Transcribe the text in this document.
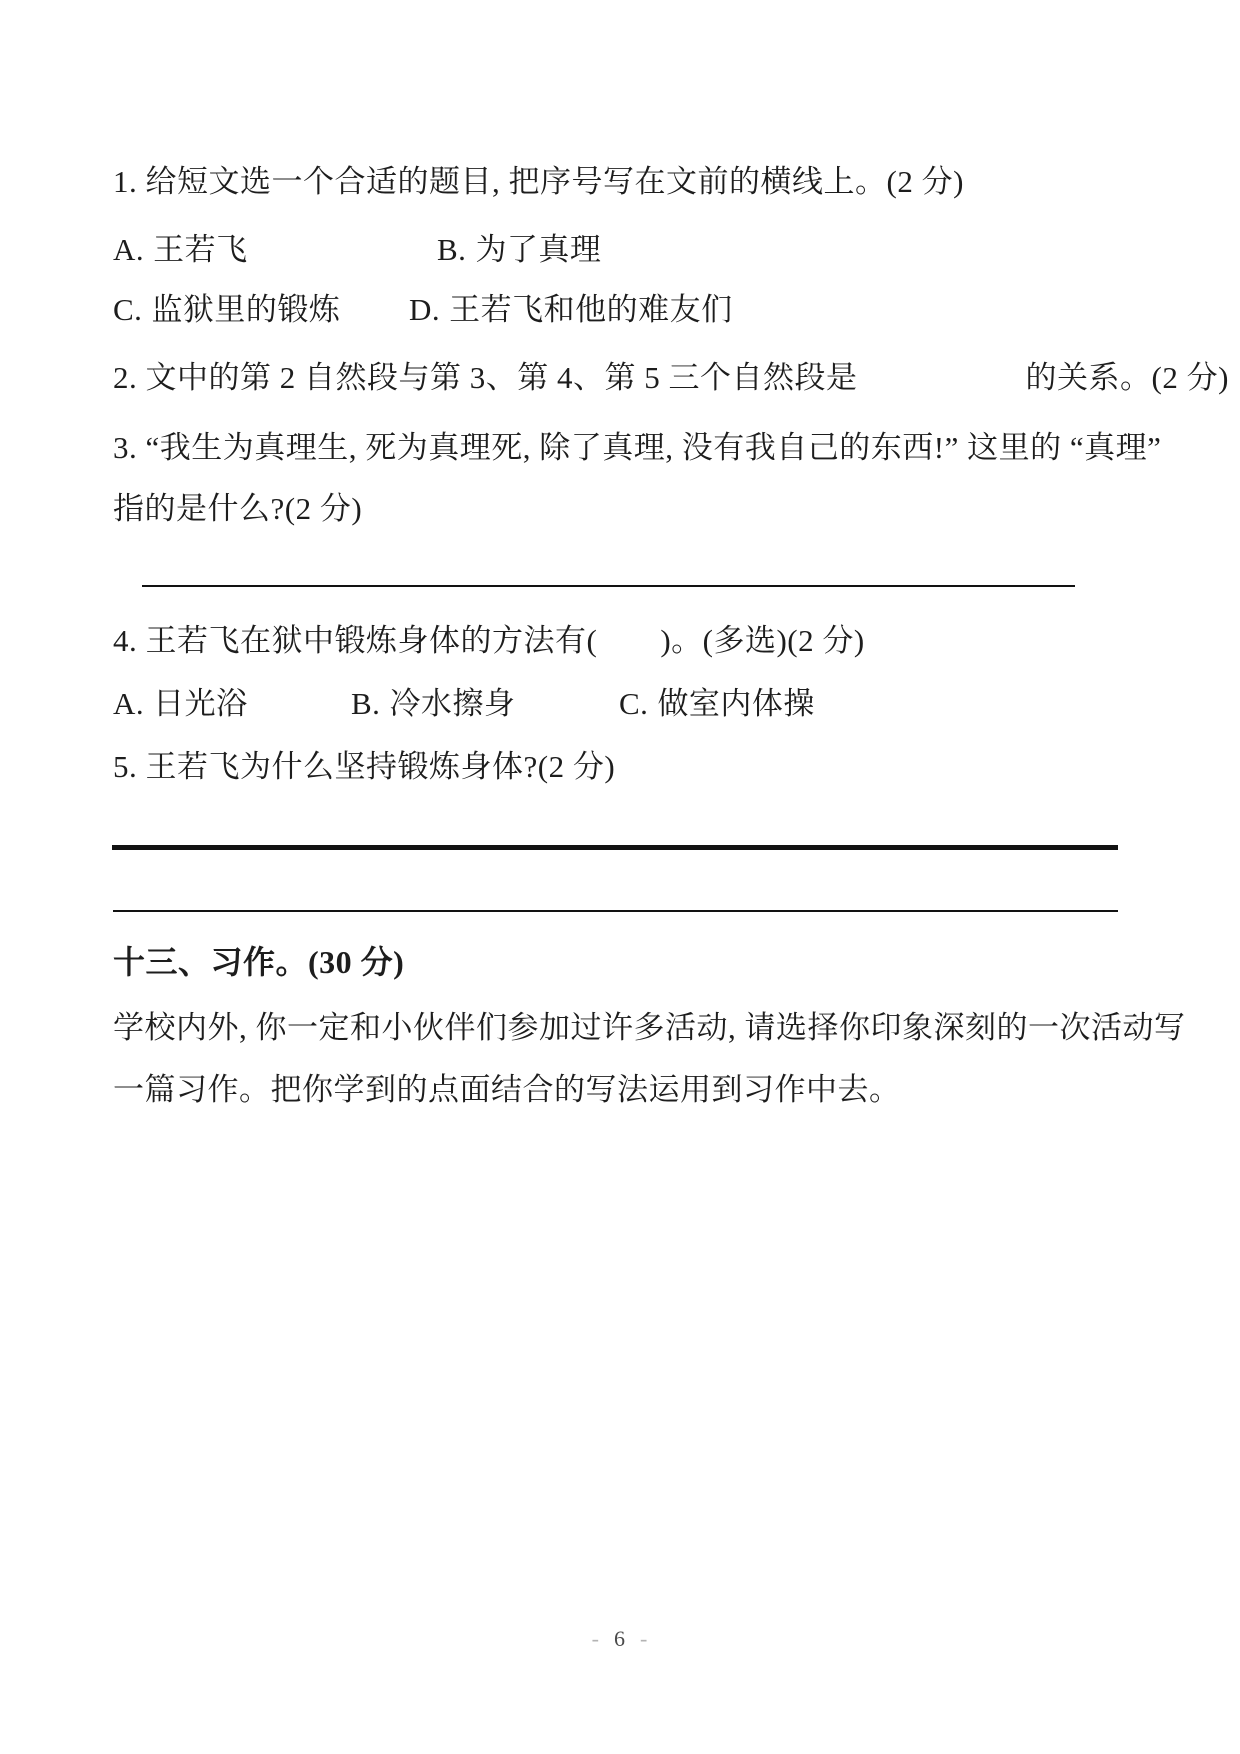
1. 给短文选一个合适的题目, 把序号写在文前的横线上。(2 分)
A. 王若飞	B. 为了真理
C. 监狱里的锻炼 D. 王若飞和他的难友们
2. 文中的第 2 自然段与第 3、第 4、第 5 三个自然段是	的关系。(2 分)
3. “我生为真理生, 死为真理死, 除了真理, 没有我自己的东西!” 这里的 “真理”
指的是什么?(2 分)
4. 王若飞在狱中锻炼身体的方法有(　　)。(多选)(2 分)
A. 日光浴	B. 冷水擦身	C. 做室内体操
5. 王若飞为什么坚持锻炼身体?(2 分)
十三、习作。(30 分)
学校内外, 你一定和小伙伴们参加过许多活动, 请选择你印象深刻的一次活动写
一篇习作。把你学到的点面结合的写法运用到习作中去。
- 6 -
